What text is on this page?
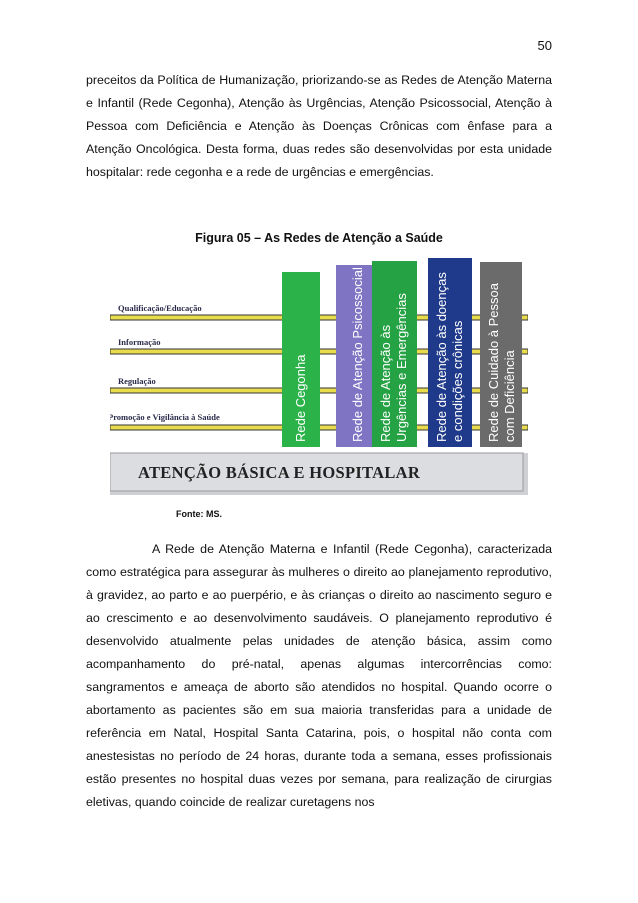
50

preceitos da Política de Humanização, priorizando-se as Redes de Atenção Materna e Infantil (Rede Cegonha), Atenção às Urgências, Atenção Psicossocial, Atenção à Pessoa com Deficiência e Atenção às Doenças Crônicas com ênfase para a Atenção Oncológica. Desta forma, duas redes são desenvolvidas por esta unidade hospitalar: rede cegonha e a rede de urgências e emergências.

Figura 05 – As Redes de Atenção a Saúde
Qualificação/Educação
Informação
Regulação
Promoção e Vigilância à Saúde	Rede Cegonha	Rede de Atenção Psicossocial Rede de Atenção às Urgências e Emergências Rede de Atenção às doenças e condições crônicas Rede de Cuidado à Pessoa com Deficiência
ATENÇÃO BÁSICA E HOSPITALAR
Fonte: MS.

A Rede de Atenção Materna e Infantil (Rede Cegonha), caracterizada como estratégica para assegurar às mulheres o direito ao planejamento reprodutivo, à gravidez, ao parto e ao puerpério, e às crianças o direito ao nascimento seguro e ao crescimento e ao desenvolvimento saudáveis. O planejamento reprodutivo é desenvolvido atualmente pelas unidades de atenção básica, assim como acompanhamento do pré-natal, apenas algumas intercorrências como: sangramentos e ameaça de aborto são atendidos no hospital. Quando ocorre o abortamento as pacientes são em sua maioria transferidas para a unidade de referência em Natal, Hospital Santa Catarina, pois, o hospital não conta com anestesistas no período de 24 horas, durante toda a semana, esses profissionais estão presentes no hospital duas vezes por semana, para realização de cirurgias eletivas, quando coincide de realizar curetagens nos
